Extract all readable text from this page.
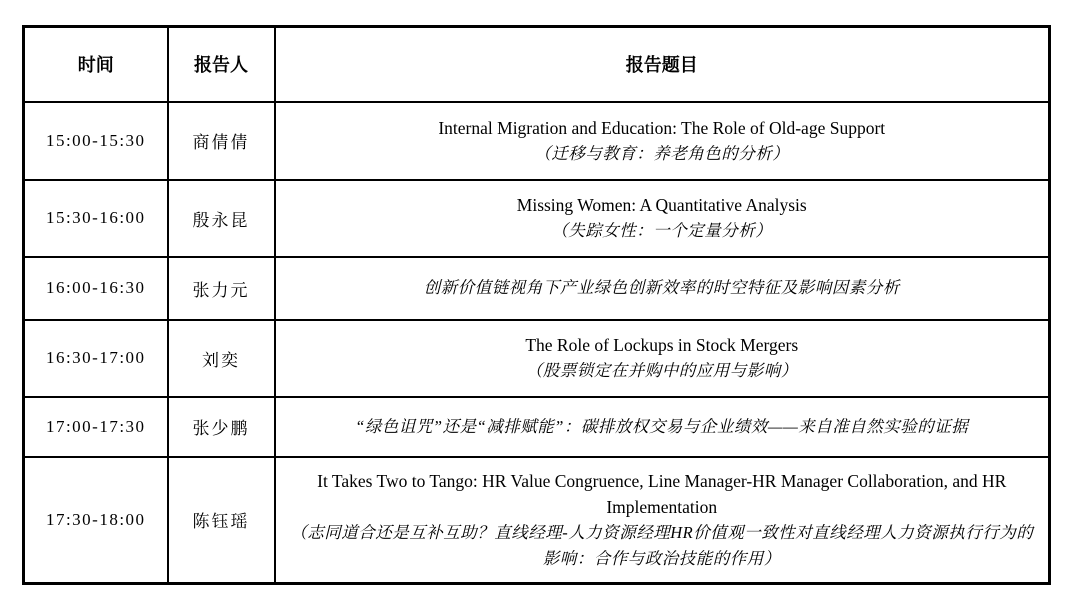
时间	报告人	报告题目
15:00-15:30	商倩倩	Internal Migration and Education: The Role of Old-age Support
（迁移与教育：养老角色的分析）

15:30-16:00	殷永昆	Missing Women: A Quantitative Analysis
（失踪女性：一个定量分析）

16:00-16:30	张力元	创新价值链视角下产业绿色创新效率的时空特征及影响因素分析

16:30-17:00	刘奕	The Role of Lockups in Stock Mergers
（股票锁定在并购中的应用与影响）

17:00-17:30	张少鹏	“绿色诅咒”还是“减排赋能”：碳排放权交易与企业绩效——来自准自然实验的证据

17:30-18:00	陈钰瑶	It Takes Two to Tango: HR Value Congruence, Line Manager-HR Manager Collaboration, and HR Implementation
（志同道合还是互补互助？直线经理-人力资源经理HR价值观一致性对直线经理人力资源执行行为的影响：合作与政治技能的作用）
